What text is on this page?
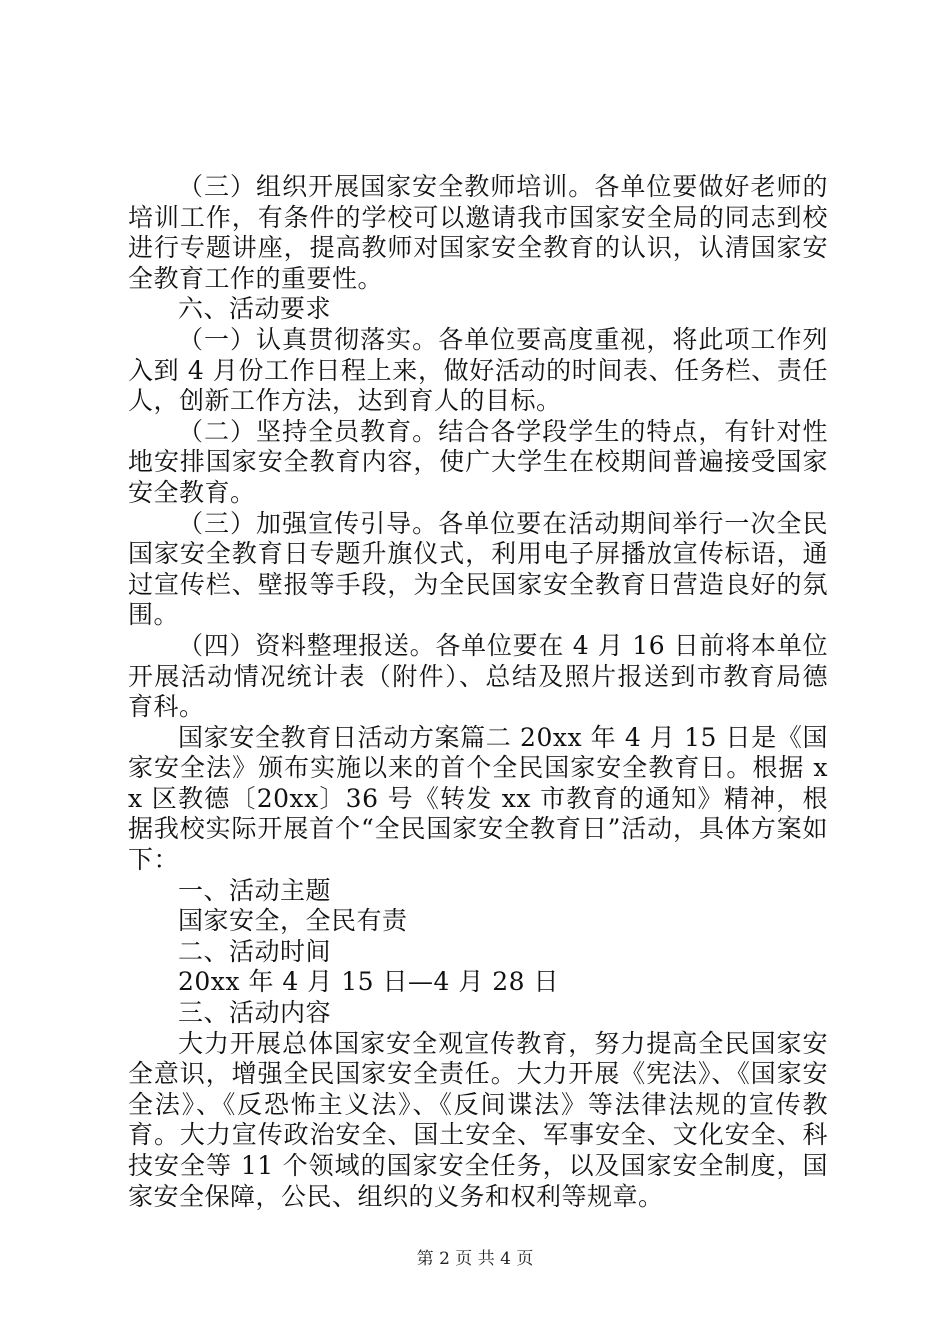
（三）组织开展国家安全教师培训。各单位要做好老师的培训工作，有条件的学校可以邀请我市国家安全局的同志到校进行专题讲座，提高教师对国家安全教育的认识，认清国家安全教育工作的重要性。

六、活动要求

（一）认真贯彻落实。各单位要高度重视，将此项工作列入到 4 月份工作日程上来，做好活动的时间表、任务栏、责任人，创新工作方法，达到育人的目标。

（二）坚持全员教育。结合各学段学生的特点，有针对性地安排国家安全教育内容，使广大学生在校期间普遍接受国家安全教育。

（三）加强宣传引导。各单位要在活动期间举行一次全民国家安全教育日专题升旗仪式，利用电子屏播放宣传标语，通过宣传栏、壁报等手段，为全民国家安全教育日营造良好的氛围。

（四）资料整理报送。各单位要在 4 月 16 日前将本单位开展活动情况统计表（附件）、总结及照片报送到市教育局德育科。

国家安全教育日活动方案篇二 20xx 年 4 月 15 日是《国家安全法》颁布实施以来的首个全民国家安全教育日。根据 xx 区教德〔20xx〕36 号《转发 xx 市教育的通知》精神，根据我校实际开展首个“全民国家安全教育日”活动，具体方案如下：

一、活动主题

国家安全，全民有责

二、活动时间

20xx 年 4 月 15 日—4 月 28 日

三、活动内容

大力开展总体国家安全观宣传教育，努力提高全民国家安全意识，增强全民国家安全责任。大力开展《宪法》、《国家安全法》、《反恐怖主义法》、《反间谍法》等法律法规的宣传教育。大力宣传政治安全、国土安全、军事安全、文化安全、科技安全等 11 个领域的国家安全任务，以及国家安全制度，国家安全保障，公民、组织的义务和权利等规章。

第 2 页 共 4 页
